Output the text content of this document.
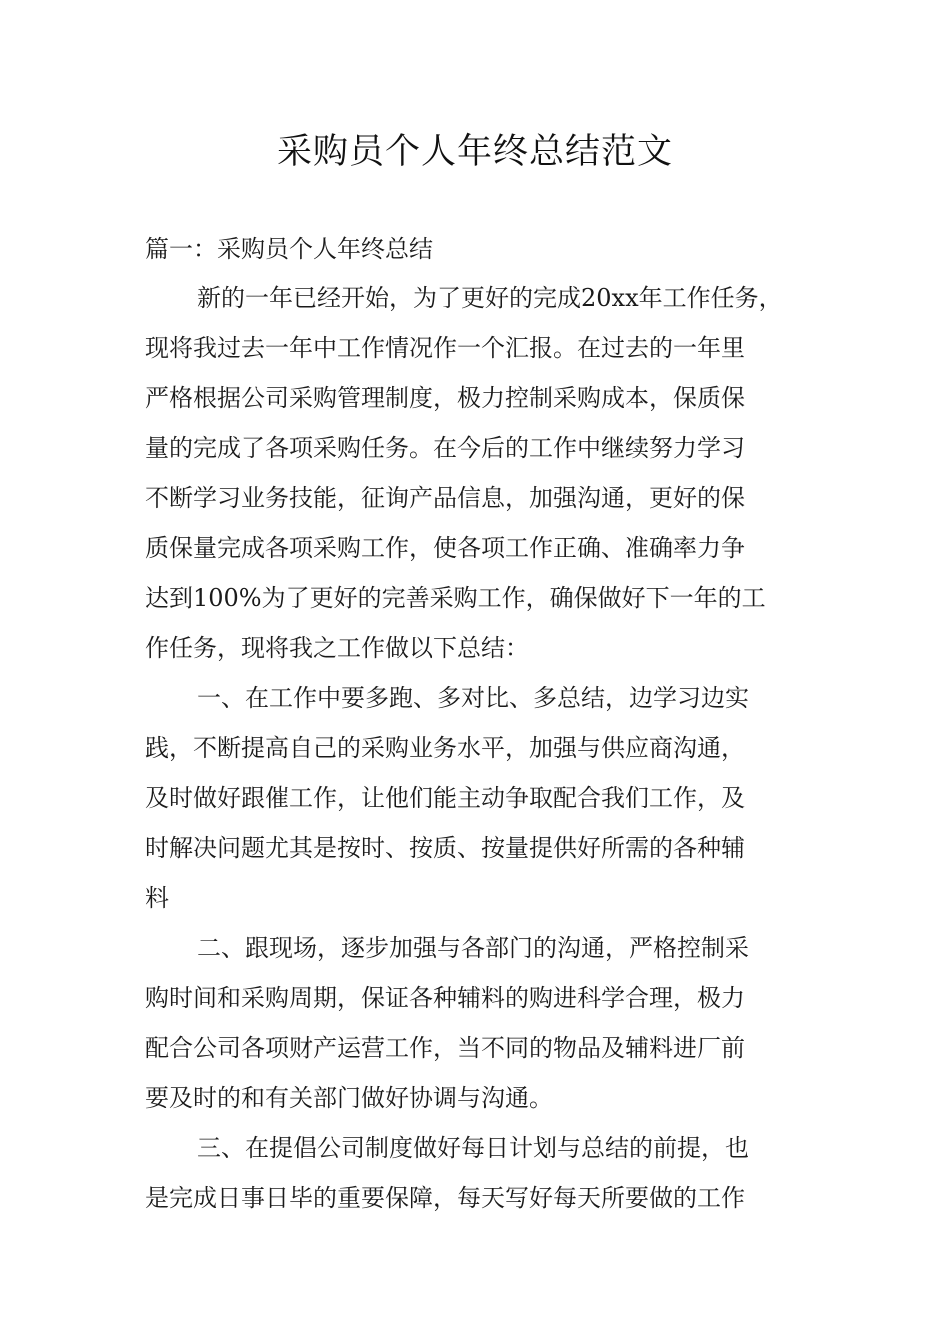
采购员个人年终总结范文
篇一：采购员个人年终总结
新的一年已经开始，为了更好的完成20xx年工作任务，
现将我过去一年中工作情况作一个汇报。在过去的一年里
严格根据公司采购管理制度，极力控制采购成本，保质保
量的完成了各项采购任务。在今后的工作中继续努力学习
不断学习业务技能，征询产品信息，加强沟通，更好的保
质保量完成各项采购工作，使各项工作正确、准确率力争
达到100%为了更好的完善采购工作，确保做好下一年的工
作任务，现将我之工作做以下总结：
一、在工作中要多跑、多对比、多总结，边学习边实
践，不断提高自己的采购业务水平，加强与供应商沟通，
及时做好跟催工作，让他们能主动争取配合我们工作，及
时解决问题尤其是按时、按质、按量提供好所需的各种辅
料
二、跟现场，逐步加强与各部门的沟通，严格控制采
购时间和采购周期，保证各种辅料的购进科学合理，极力
配合公司各项财产运营工作，当不同的物品及辅料进厂前
要及时的和有关部门做好协调与沟通。
三、在提倡公司制度做好每日计划与总结的前提，也
是完成日事日毕的重要保障，每天写好每天所要做的工作
